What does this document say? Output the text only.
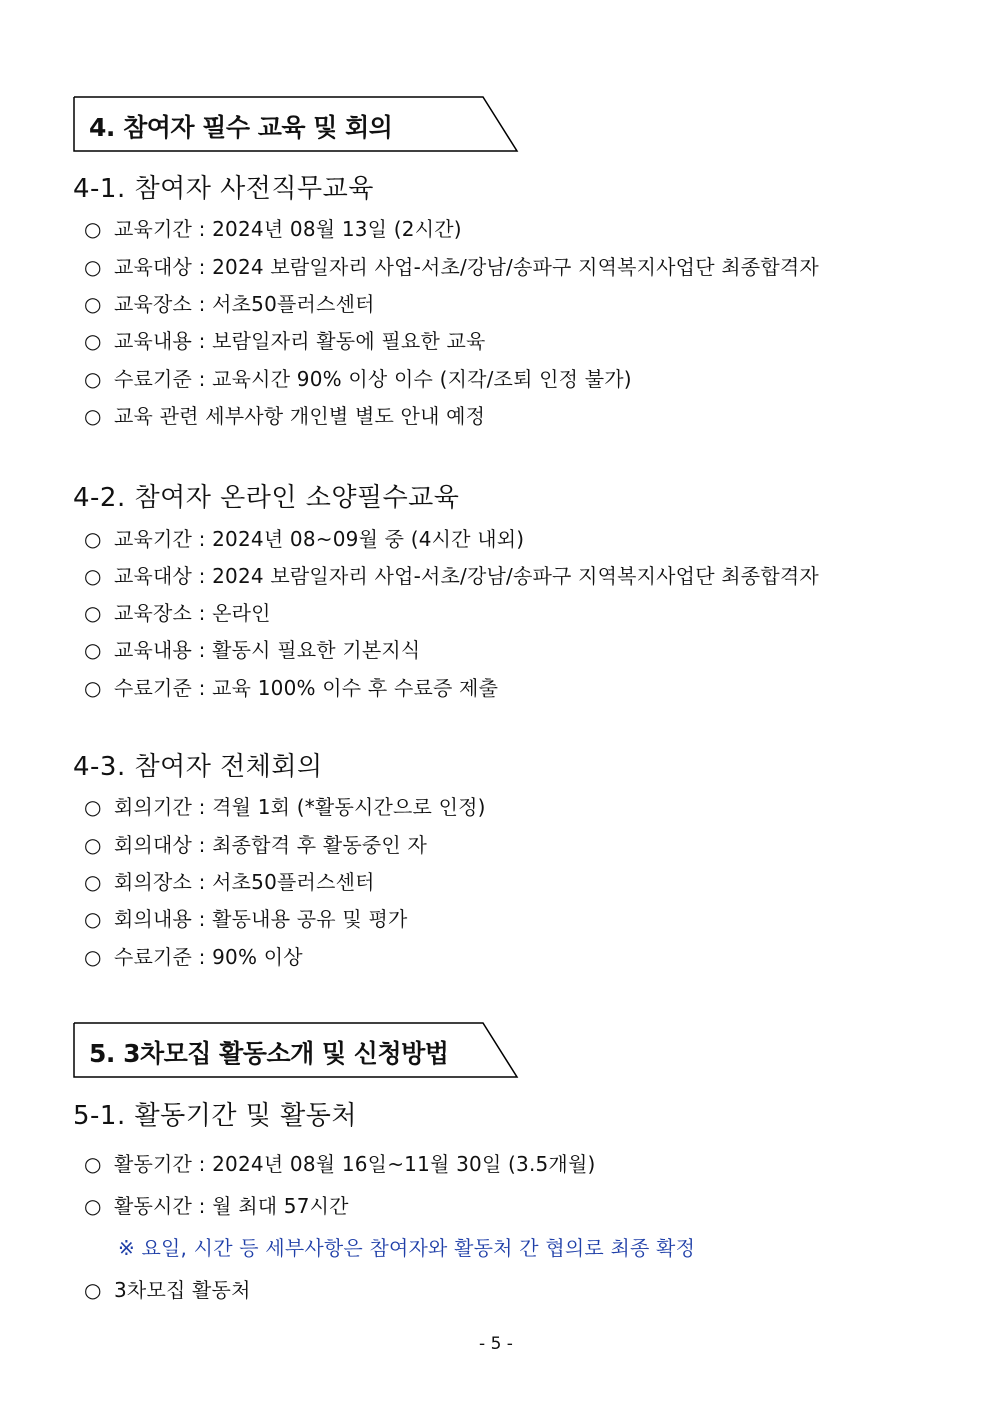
4. 참여자 필수 교육 및 회의
4-1. 참여자 사전직무교육
○ 교육기간 : 2024년 08월 13일 (2시간)
○ 교육대상 : 2024 보람일자리 사업-서초/강남/송파구 지역복지사업단 최종합격자
○ 교육장소 : 서초50플러스센터
○ 교육내용 : 보람일자리 활동에 필요한 교육
○ 수료기준 : 교육시간 90% 이상 이수 (지각/조퇴 인정 불가)
○ 교육 관련 세부사항 개인별 별도 안내 예정
4-2. 참여자 온라인 소양필수교육
○ 교육기간 : 2024년 08~09월 중 (4시간 내외)
○ 교육대상 : 2024 보람일자리 사업-서초/강남/송파구 지역복지사업단 최종합격자
○ 교육장소 : 온라인
○ 교육내용 : 활동시 필요한 기본지식
○ 수료기준 : 교육 100% 이수 후 수료증 제출
4-3. 참여자 전체회의
○ 회의기간 : 격월 1회 (*활동시간으로 인정)
○ 회의대상 : 최종합격 후 활동중인 자
○ 회의장소 : 서초50플러스센터
○ 회의내용 : 활동내용 공유 및 평가
○ 수료기준 : 90% 이상
5. 3차모집 활동소개 및 신청방법
5-1. 활동기간 및 활동처
○ 활동기간 : 2024년 08월 16일~11월 30일 (3.5개월)
○ 활동시간 : 월 최대 57시간
※ 요일, 시간 등 세부사항은 참여자와 활동처 간 협의로 최종 확정
○ 3차모집 활동처
- 5 -
